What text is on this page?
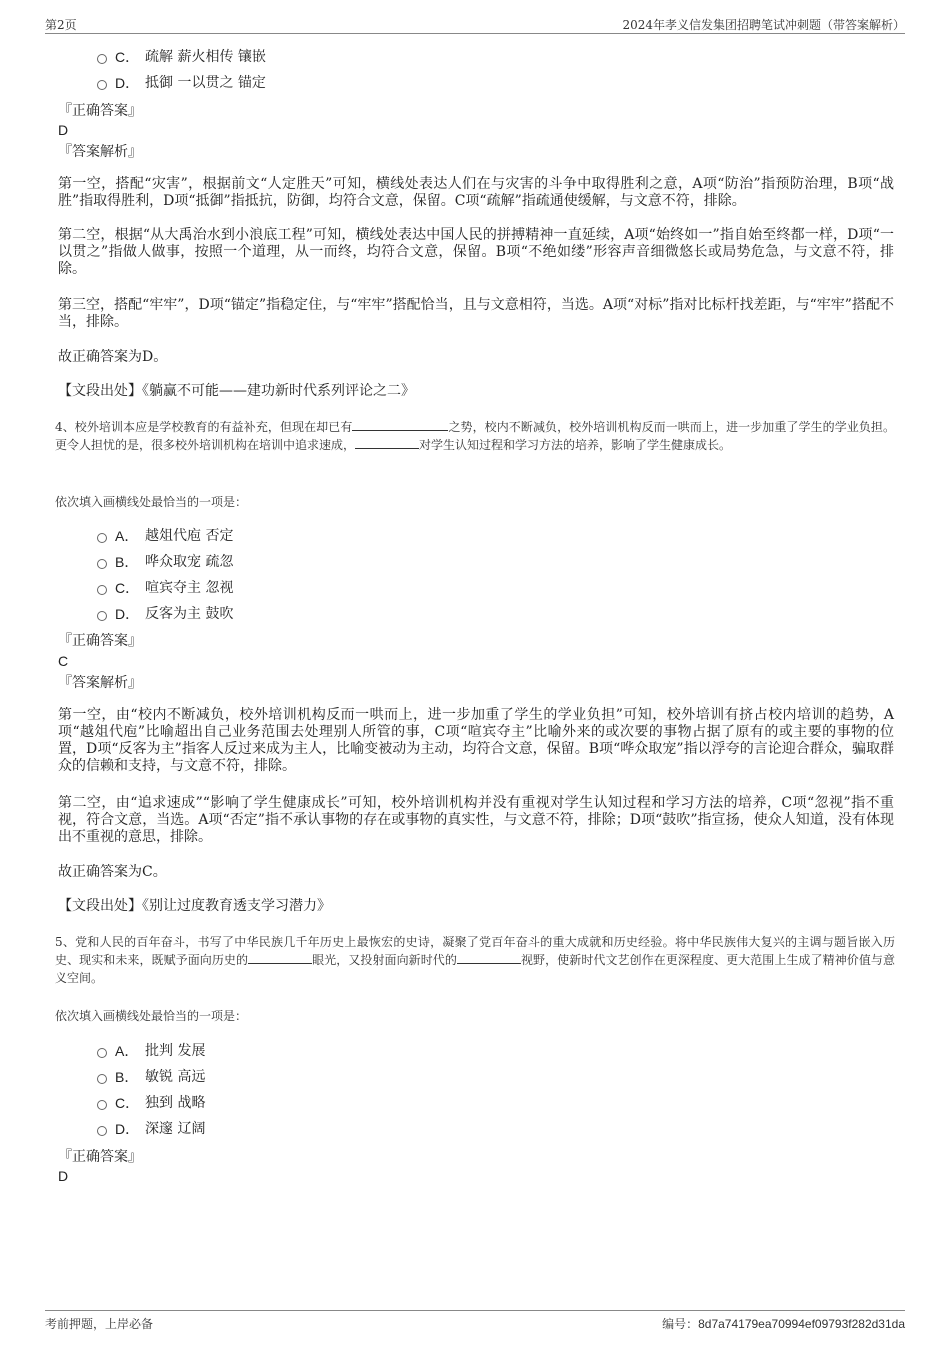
第2页	2024年孝义信发集团招聘笔试冲刺题（带答案解析）
C． 疏解 薪火相传 镶嵌
D． 抵御 一以贯之 锚定
『正确答案』
D
『答案解析』
第一空，搭配“灾害”，根据前文“人定胜天”可知，横线处表达人们在与灾害的斗争中取得胜利之意，A项“防治”指预防治理，B项“战胜”指取得胜利，D项“抵御”指抵抗，防御，均符合文意，保留。C项“疏解”指疏通使缓解，与文意不符，排除。
第二空，根据“从大禹治水到小浪底工程”可知，横线处表达中国人民的拼搏精神一直延续，A项“始终如一”指自始至终都一样，D项“一以贯之”指做人做事，按照一个道理，从一而终，均符合文意，保留。B项“不绝如缕”形容声音细微悠长或局势危急，与文意不符，排除。
第三空，搭配“牢牢”，D项“锚定”指稳定住，与“牢牢”搭配恰当，且与文意相符，当选。A项“对标”指对比标杆找差距，与“牢牢”搭配不当，排除。
故正确答案为D。
【文段出处】《躺赢不可能——建功新时代系列评论之二》
4、校外培训本应是学校教育的有益补充，但现在却已有	之势，校内不断减负，校外培训机构反而一哄而上，进一步加重了学生的学业负担。更令人担忧的是，很多校外培训机构在培训中追求速成，	对学生认知过程和学习方法的培养，影响了学生健康成长。
依次填入画横线处最恰当的一项是：
A． 越俎代庖 否定
B． 哗众取宠 疏忽
C． 喧宾夺主 忽视
D． 反客为主 鼓吹
『正确答案』
C
『答案解析』
第一空，由“校内不断减负，校外培训机构反而一哄而上，进一步加重了学生的学业负担”可知，校外培训有挤占校内培训的趋势，A项“越俎代庖”比喻超出自己业务范围去处理别人所管的事，C项“喧宾夺主”比喻外来的或次要的事物占据了原有的或主要的事物的位置，D项“反客为主”指客人反过来成为主人，比喻变被动为主动，均符合文意，保留。B项“哗众取宠”指以浮夸的言论迎合群众，骗取群众的信赖和支持，与文意不符，排除。
第二空，由“追求速成”“影响了学生健康成长”可知，校外培训机构并没有重视对学生认知过程和学习方法的培养，C项“忽视”指不重视，符合文意，当选。A项“否定”指不承认事物的存在或事物的真实性，与文意不符，排除；D项“鼓吹”指宣扬，使众人知道，没有体现出不重视的意思，排除。
故正确答案为C。
【文段出处】《别让过度教育透支学习潜力》
5、党和人民的百年奋斗，书写了中华民族几千年历史上最恢宏的史诗，凝聚了党百年奋斗的重大成就和历史经验。将中华民族伟大复兴的主调与题旨嵌入历史、现实和未来，既赋予面向历史的	眼光，又投射面向新时代的	视野，使新时代文艺创作在更深程度、更大范围上生成了精神价值与意义空间。
依次填入画横线处最恰当的一项是：
A． 批判 发展
B． 敏锐 高远
C． 独到 战略
D． 深邃 辽阔
『正确答案』
D
考前押题，上岸必备	编号：8d7a74179ea70994ef09793f282d31da
